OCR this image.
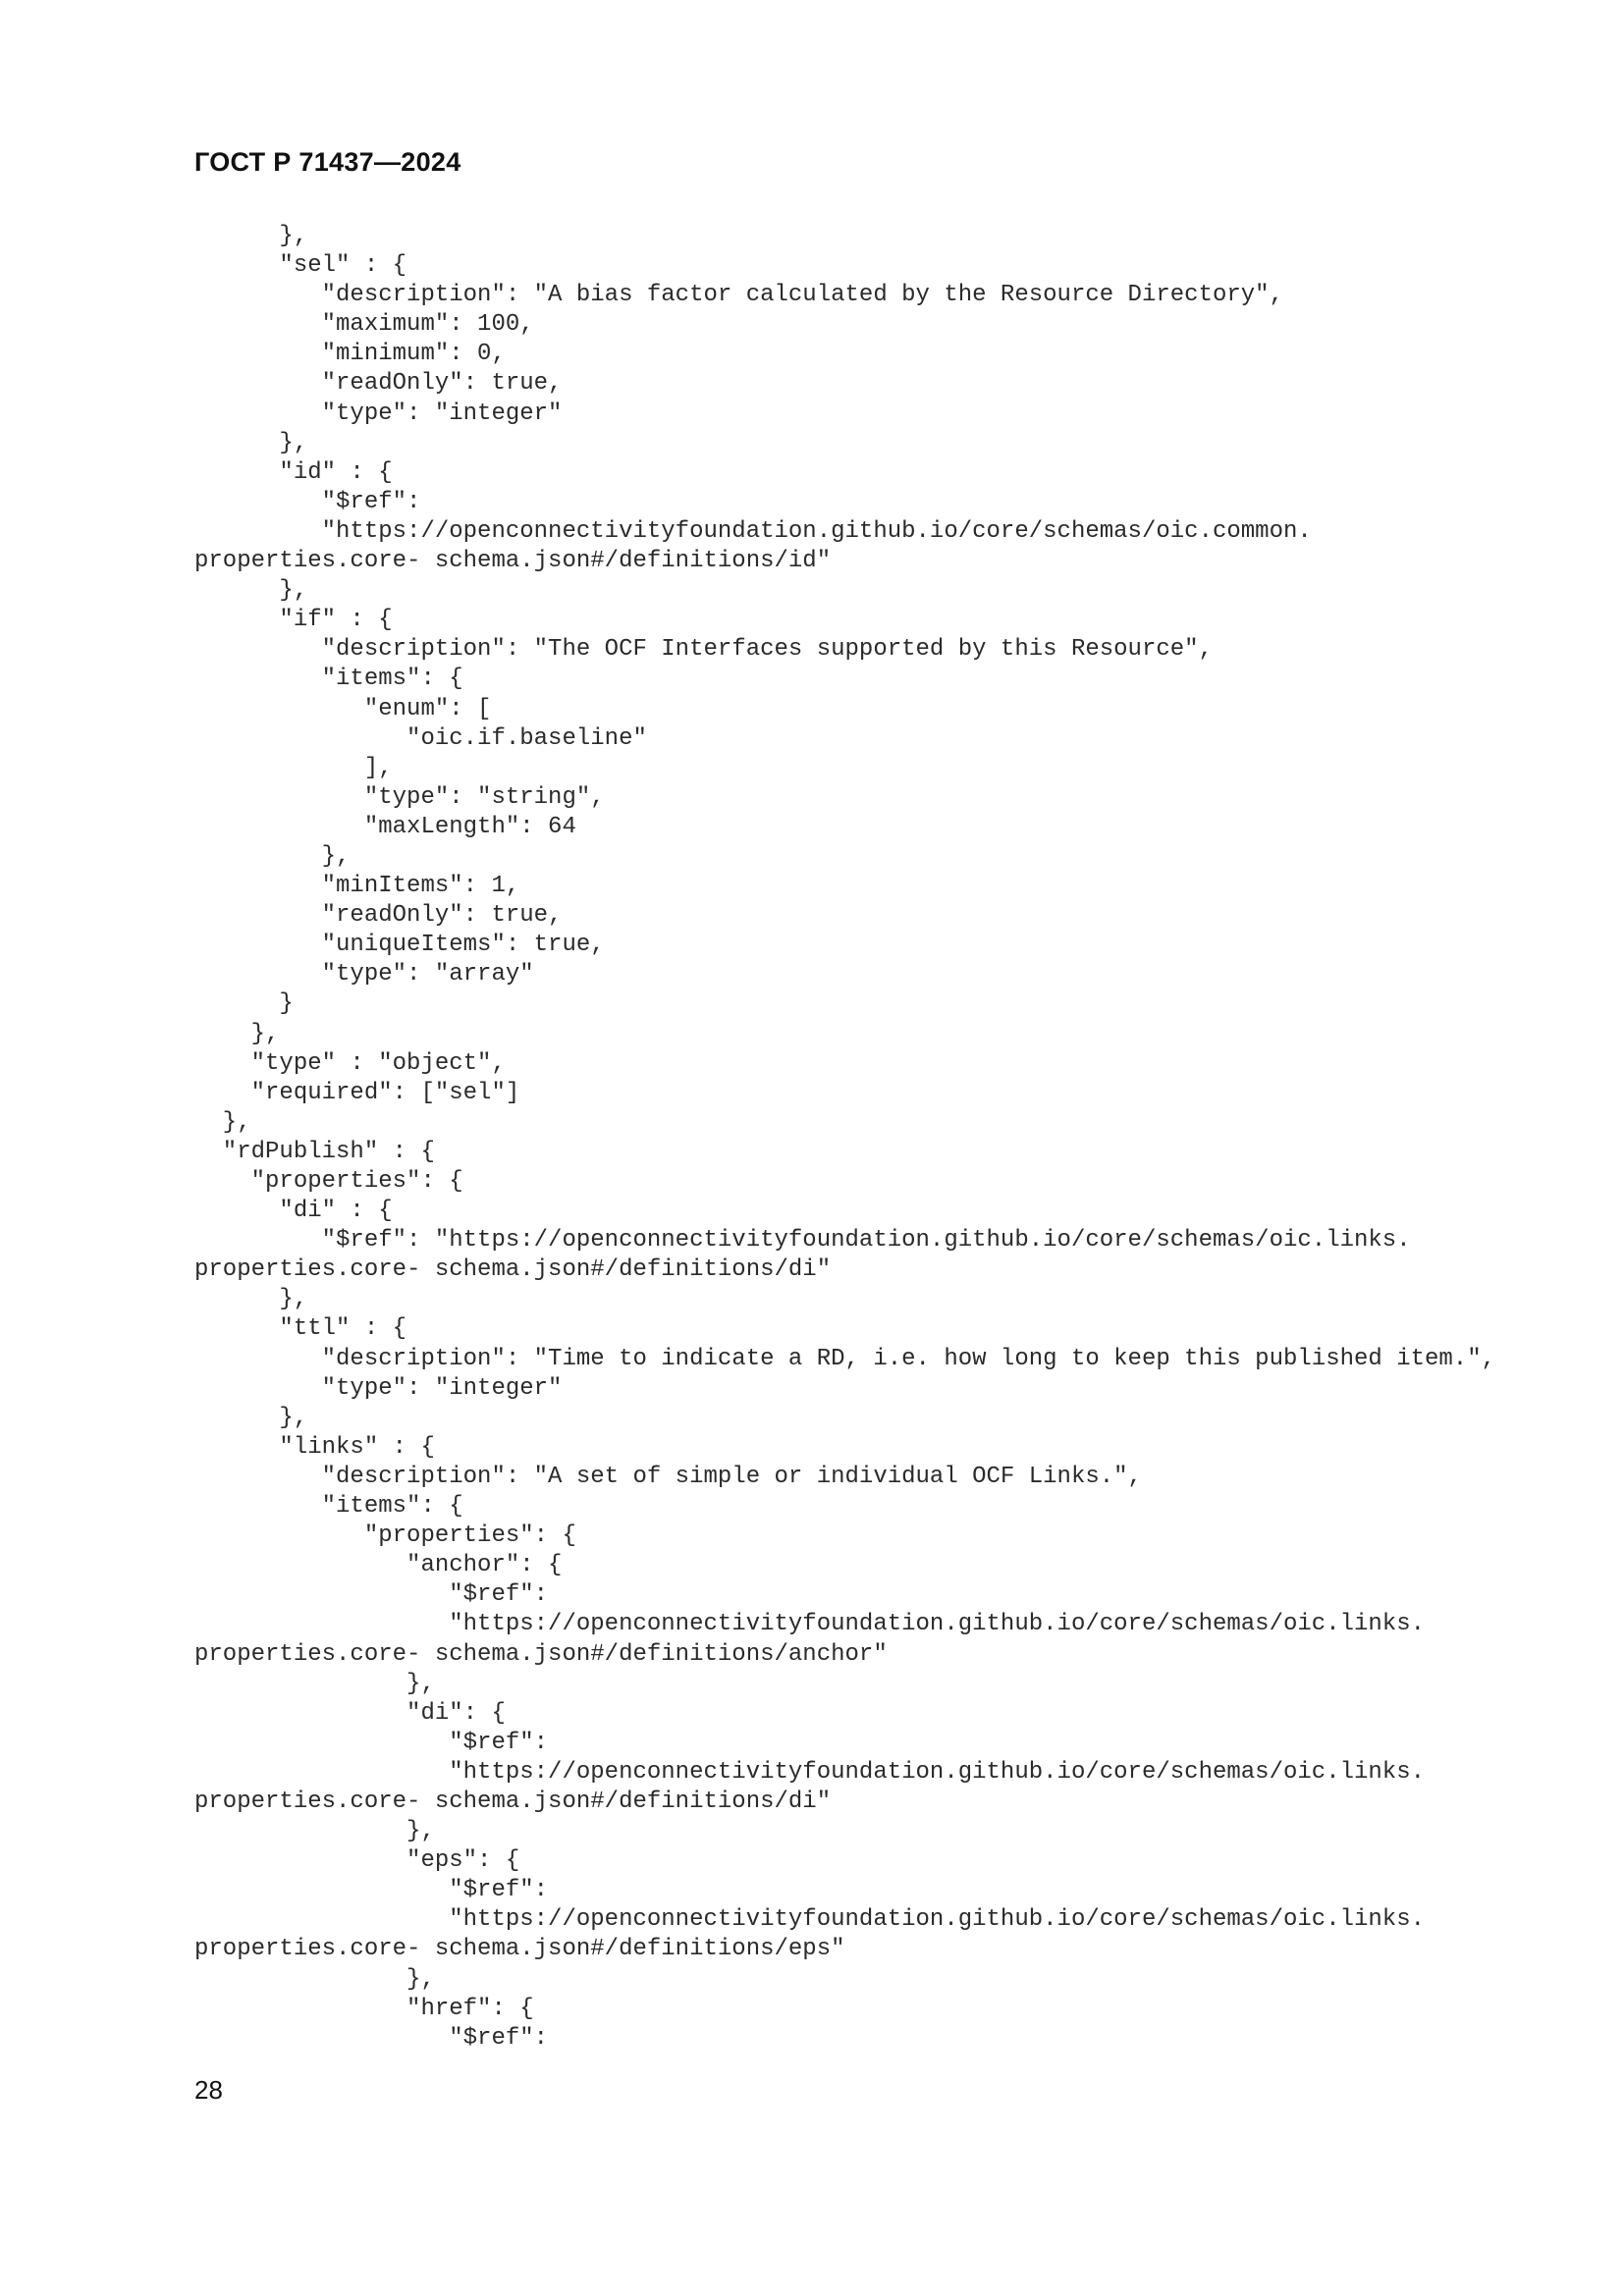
ГОСТ Р 71437—2024
},
"sel" : {
"description": "A bias factor calculated by the Resource Directory",
"maximum": 100,
"minimum": 0,
"readOnly": true,
"type": "integer"
},
"id" : {
"$ref":
"https://openconnectivityfoundation.github.io/core/schemas/oic.common.
properties.core- schema.json#/definitions/id"
},
"if" : {
"description": "The OCF Interfaces supported by this Resource",
"items": {
"enum": [
"oic.if.baseline"
],
"type": "string",
"maxLength": 64
},
"minItems": 1,
"readOnly": true,
"uniqueItems": true,
"type": "array"
}
},
"type" : "object",
"required": ["sel"]
},
"rdPublish" : {
"properties": {
"di" : {
"$ref": "https://openconnectivityfoundation.github.io/core/schemas/oic.links.
properties.core- schema.json#/definitions/di"
},
"ttl" : {
"description": "Time to indicate a RD, i.e. how long to keep this published item.",
"type": "integer"
},
"links" : {
"description": "A set of simple or individual OCF Links.",
"items": {
"properties": {
"anchor": {
"$ref":
"https://openconnectivityfoundation.github.io/core/schemas/oic.links.
properties.core- schema.json#/definitions/anchor"
},
"di": {
"$ref":
"https://openconnectivityfoundation.github.io/core/schemas/oic.links.
properties.core- schema.json#/definitions/di"
},
"eps": {
"$ref":
"https://openconnectivityfoundation.github.io/core/schemas/oic.links.
properties.core- schema.json#/definitions/eps"
},
"href": {
"$ref":
28
